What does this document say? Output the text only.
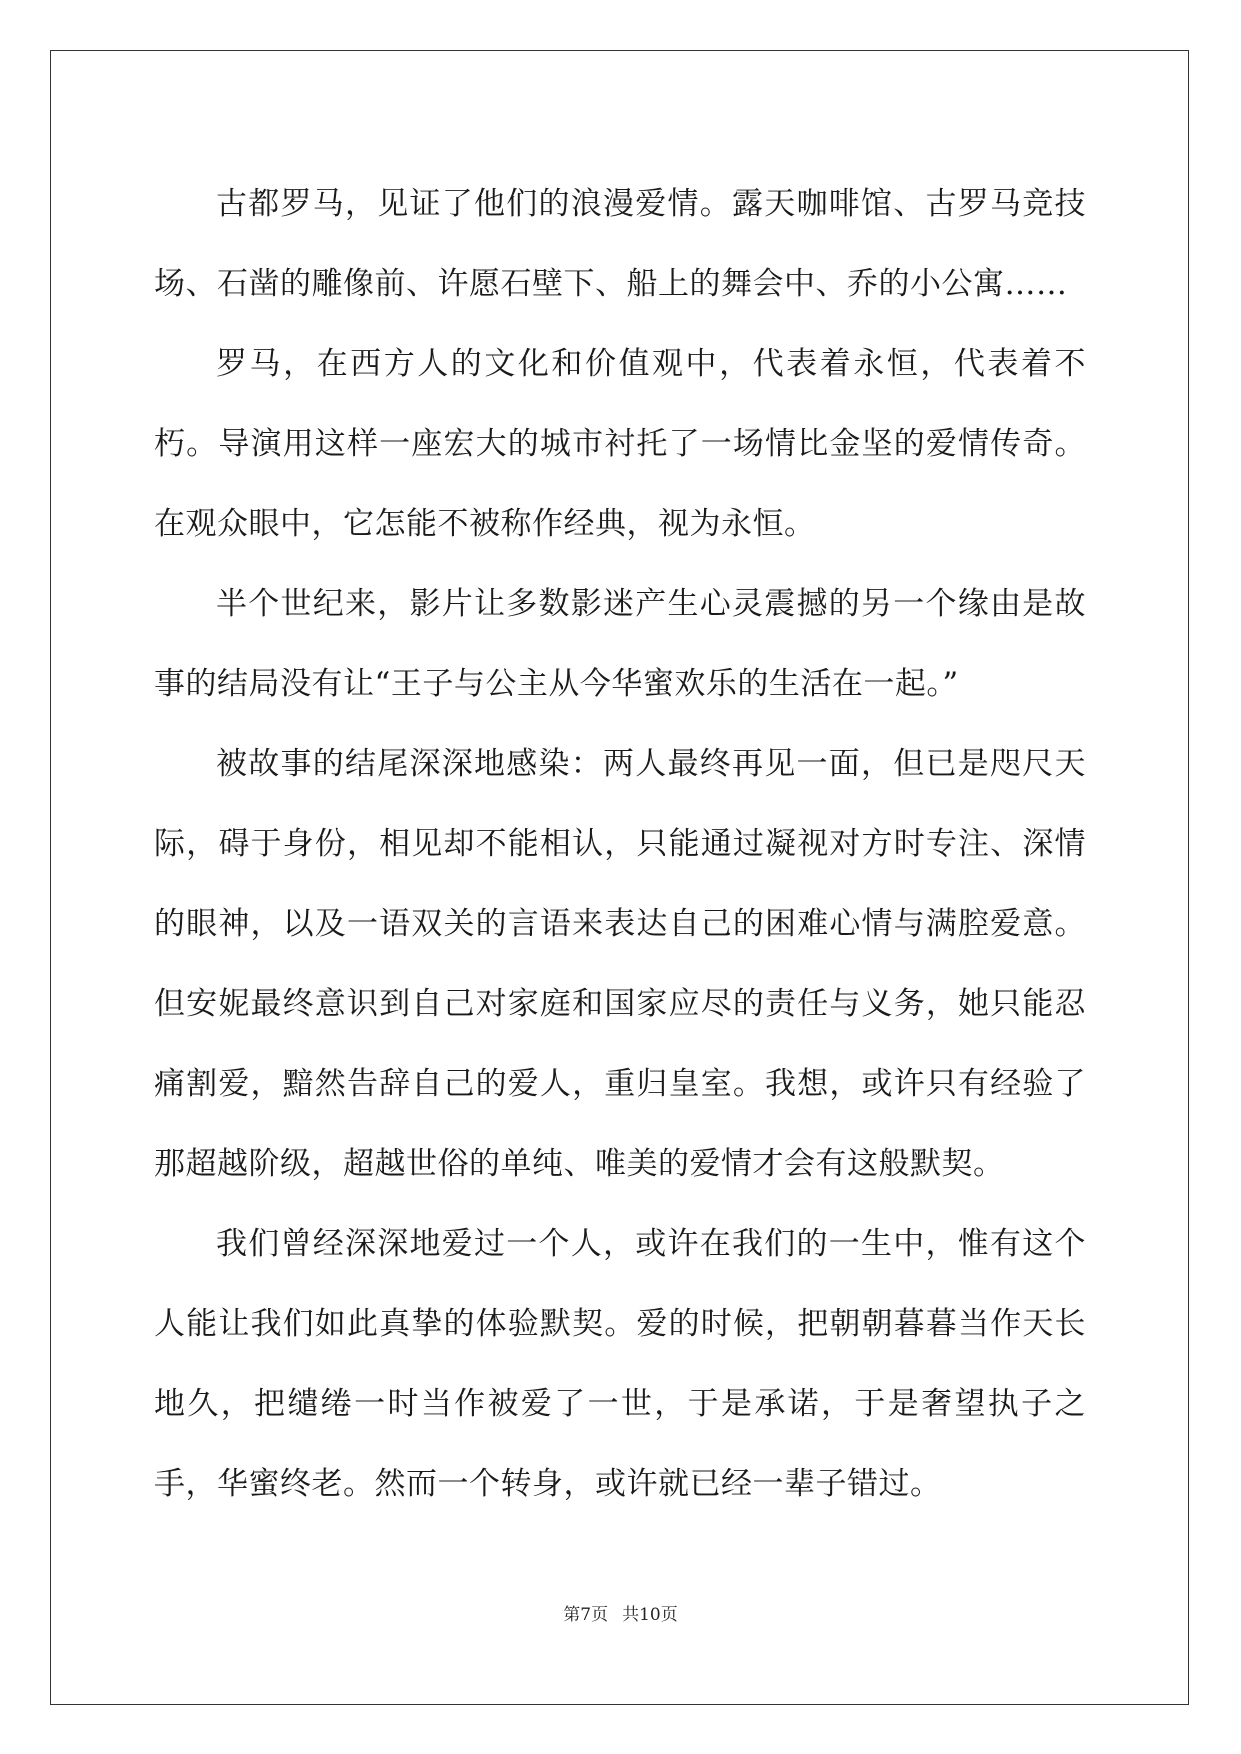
古都罗马，见证了他们的浪漫爱情。露天咖啡馆、古罗马竞技场、石凿的雕像前、许愿石壁下、船上的舞会中、乔的小公寓……

罗马，在西方人的文化和价值观中，代表着永恒，代表着不朽。导演用这样一座宏大的城市衬托了一场情比金坚的爱情传奇。在观众眼中，它怎能不被称作经典，视为永恒。

半个世纪来，影片让多数影迷产生心灵震撼的另一个缘由是故事的结局没有让“王子与公主从今华蜜欢乐的生活在一起。”

被故事的结尾深深地感染：两人最终再见一面，但已是咫尺天际，碍于身份，相见却不能相认，只能通过凝视对方时专注、深情的眼神，以及一语双关的言语来表达自己的困难心情与满腔爱意。但安妮最终意识到自己对家庭和国家应尽的责任与义务，她只能忍痛割爱，黯然告辞自己的爱人，重归皇室。我想，或许只有经验了那超越阶级，超越世俗的单纯、唯美的爱情才会有这般默契。

我们曾经深深地爱过一个人，或许在我们的一生中，惟有这个人能让我们如此真挚的体验默契。爱的时候，把朝朝暮暮当作天长地久，把缱绻一时当作被爱了一世，于是承诺，于是奢望执子之手，华蜜终老。然而一个转身，或许就已经一辈子错过。

第7页 共10页
